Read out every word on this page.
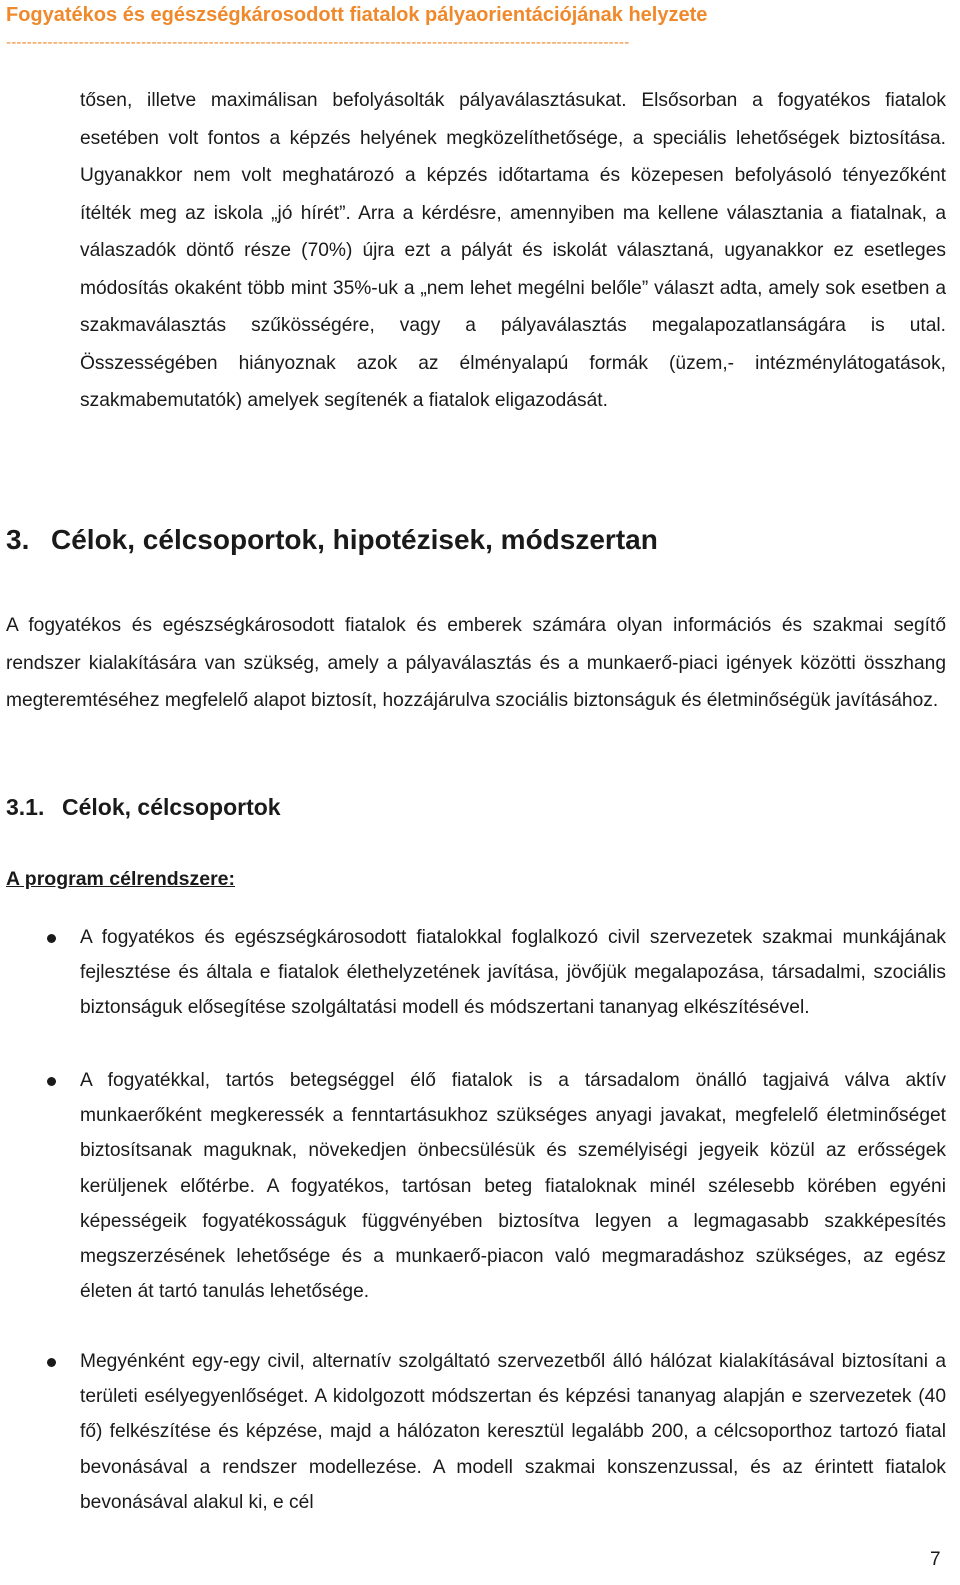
Fogyatékos és egészségkárosodott fiatalok pályaorientációjának helyzete
------------------------------------------------------------------------------------------------------------------------
tősen, illetve maximálisan befolyásolták pályaválasztásukat. Elsősorban a fogyatékos fiatalok esetében volt fontos a képzés helyének megközelíthetősége, a speciális lehetőségek biztosítása. Ugyanakkor nem volt meghatározó a képzés időtartama és közepesen befolyásoló tényezőként ítélték meg az iskola „jó hírét”. Arra a kérdésre, amennyiben ma kellene választania a fiatalnak, a válaszadók döntő része (70%) újra ezt a pályát és iskolát választaná, ugyanakkor ez esetleges módosítás okaként több mint 35%-uk a „nem lehet megélni belőle” választ adta, amely sok esetben a szakmaválasztás szűkösségére, vagy a pályaválasztás megalapozatlanságára is utal. Összességében hiányoznak azok az élményalapú formák (üzem,- intézménylátogatások, szakmabemutatók) amelyek segítenék a fiatalok eligazodását.
3. Célok, célcsoportok, hipotézisek, módszertan
A fogyatékos és egészségkárosodott fiatalok és emberek számára olyan információs és szakmai segítő rendszer kialakítására van szükség, amely a pályaválasztás és a munkaerő-piaci igények közötti összhang megteremtéséhez megfelelő alapot biztosít, hozzájárulva szociális biztonságuk és életminőségük javításához.
3.1. Célok, célcsoportok
A program célrendszere:
A fogyatékos és egészségkárosodott fiatalokkal foglalkozó civil szervezetek szakmai munkájának fejlesztése és általa e fiatalok élethelyzetének javítása, jövőjük megalapozása, társadalmi, szociális biztonságuk elősegítése szolgáltatási modell és módszertani tananyag elkészítésével.
A fogyatékkal, tartós betegséggel élő fiatalok is a társadalom önálló tagjaivá válva aktív munkaerőként megkeressék a fenntartásukhoz szükséges anyagi javakat, megfelelő életminőséget biztosítsanak maguknak, növekedjen önbecsülésük és személyiségi jegyeik közül az erősségek kerüljenek előtérbe. A fogyatékos, tartósan beteg fiataloknak minél szélesebb körében egyéni képességeik fogyatékosságuk függvényében biztosítva legyen a legmagasabb szakképesítés megszerzésének lehetősége és a munkaerő-piacon való megmaradáshoz szükséges, az egész életen át tartó tanulás lehetősége.
Megyénként egy-egy civil, alternatív szolgáltató szervezetből álló hálózat kialakításával biztosítani a területi esélyegyenlőséget. A kidolgozott módszertan és képzési tananyag alapján e szervezetek (40 fő) felkészítése és képzése, majd a hálózaton keresztül legalább 200, a célcsoporthoz tartozó fiatal bevonásával a rendszer modellezése. A modell szakmai konszenzussal, és az érintett fiatalok bevonásával alakul ki, e cél
7
